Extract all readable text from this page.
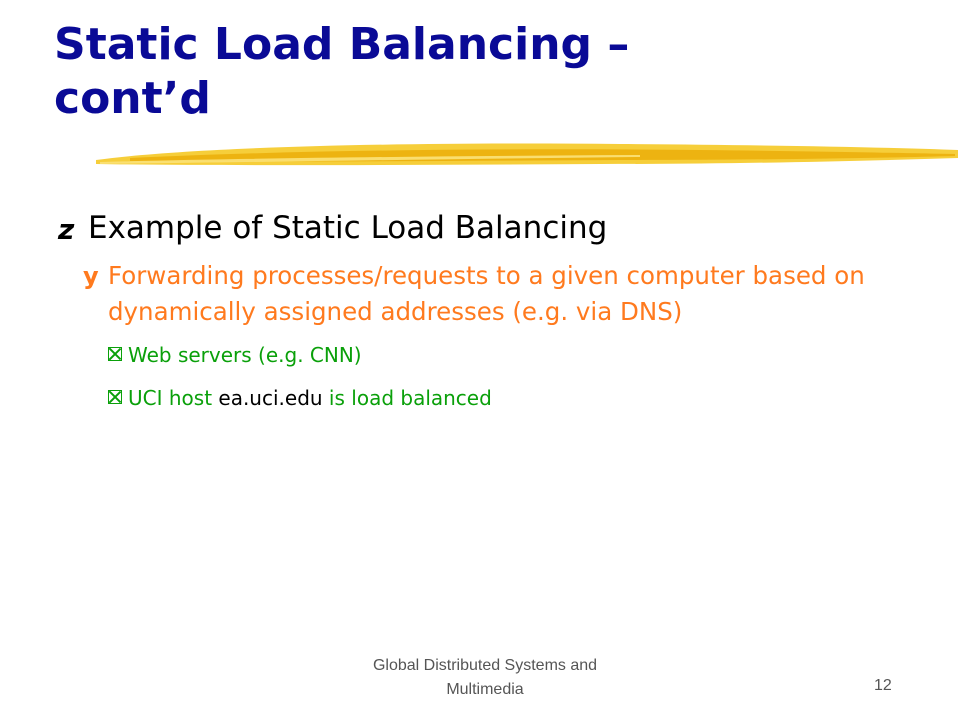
Static Load Balancing –
cont’d
z Example of Static Load Balancing
y Forwarding processes/requests to a given computer based on dynamically assigned addresses (e.g. via DNS)
Web servers (e.g. CNN)
UCI host ea.uci.edu is load balanced
Global Distributed Systems and
Multimedia	12
